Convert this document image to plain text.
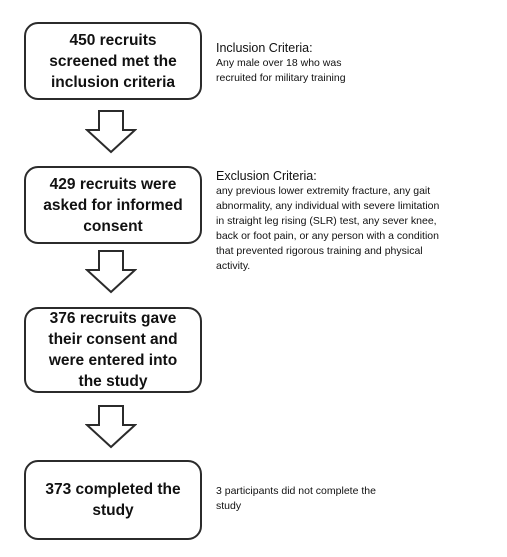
450 recruits screened met the inclusion criteria
429 recruits were asked for informed consent
376 recruits gave their consent and were entered into the study
373 completed the study
Inclusion Criteria:
Any male over 18 who was
recruited for military training
Exclusion Criteria:
any previous lower extremity fracture, any gait
abnormality, any individual with severe limitation
in straight leg rising (SLR) test, any sever knee,
back or foot pain, or any person with a condition
that prevented rigorous training and physical
activity.
3 participants did not complete the
study
